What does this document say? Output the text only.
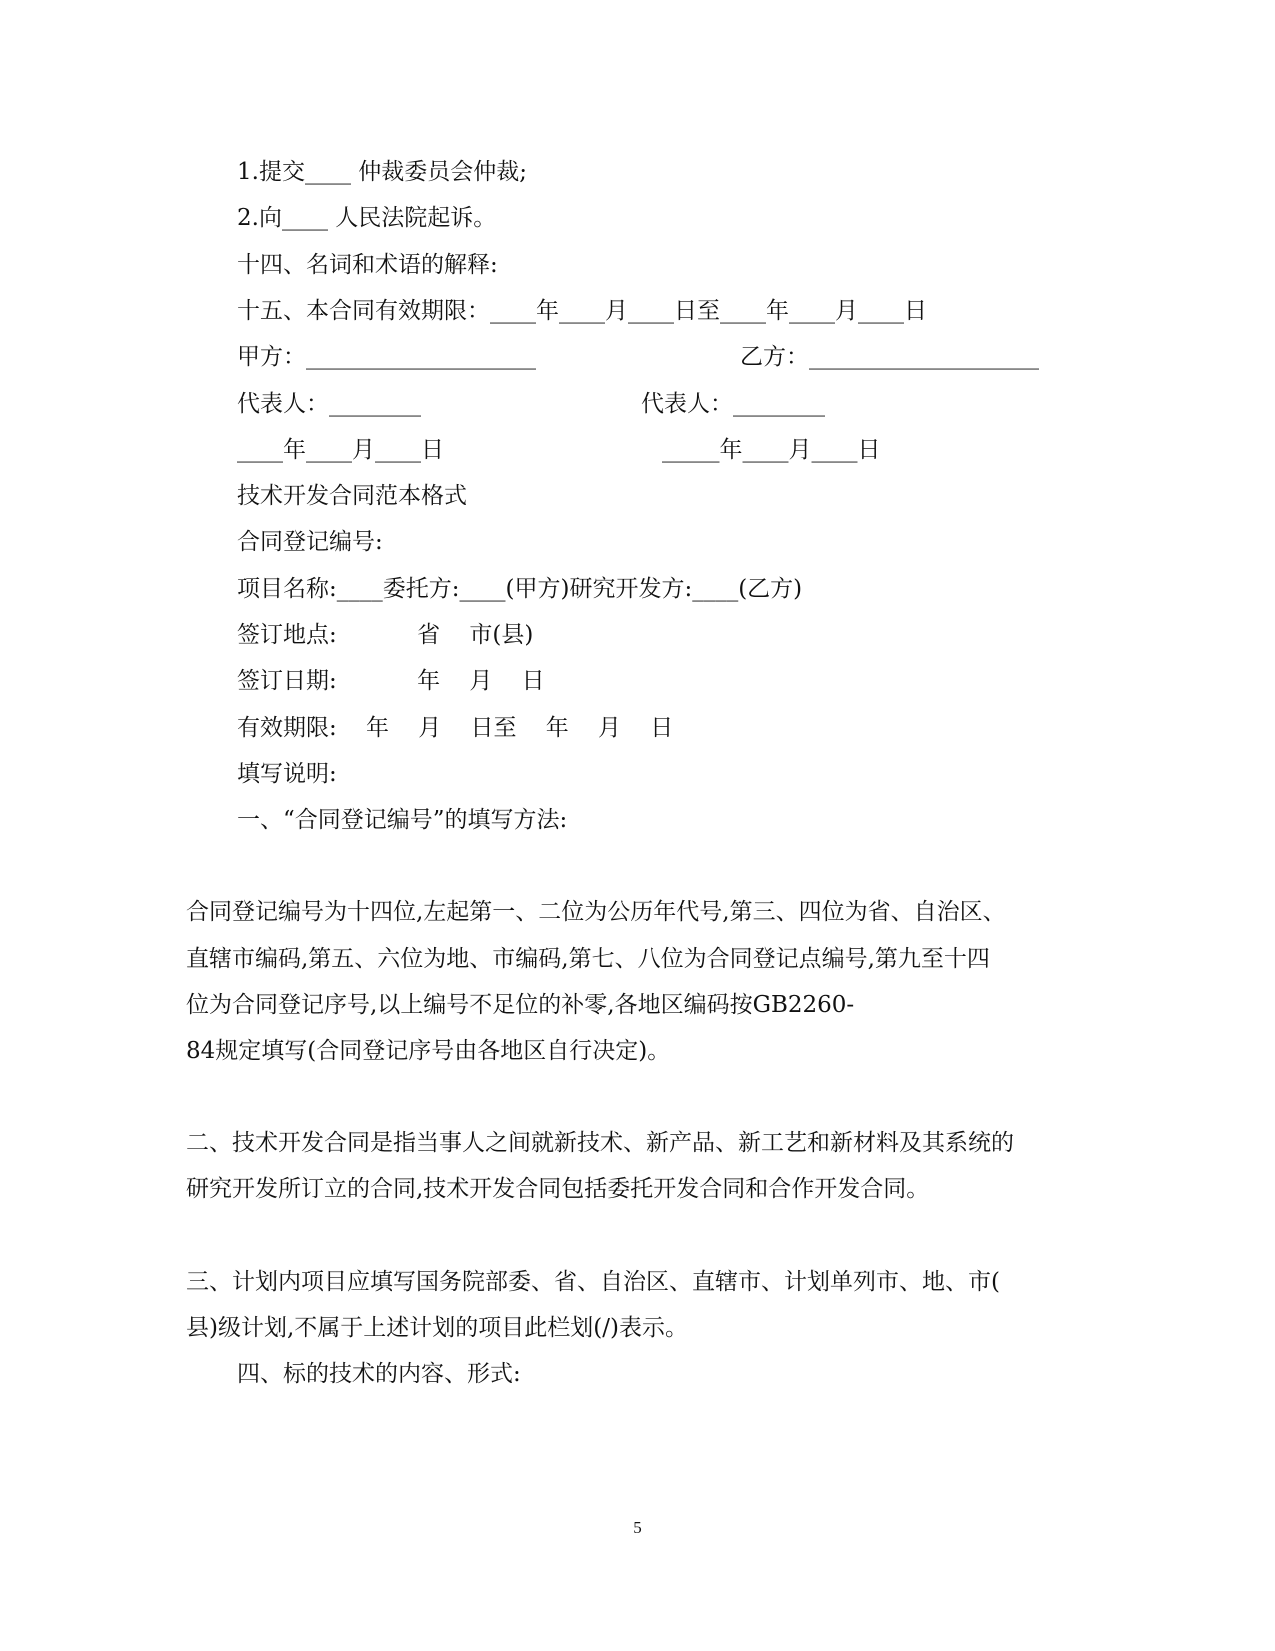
1.提交____ 仲裁委员会仲裁;

2.向____ 人民法院起诉。

十四、名词和术语的解释:

十五、本合同有效期限：____年____月____日至____年____月____日

甲方：____________________	乙方：____________________

代表人：________	代表人：________

____年____月____日	_____年____月____日

技术开发合同范本格式

合同登记编号:

项目名称:____委托方:____(甲方)研究开发方:____(乙方)

签订地点:           省    市(县)

签订日期:           年    月    日

有效期限:    年    月    日至    年    月    日

填写说明:

一、“合同登记编号”的填写方法:

合同登记编号为十四位,左起第一、二位为公历年代号,第三、四位为省、自治区、

直辖市编码,第五、六位为地、市编码,第七、八位为合同登记点编号,第九至十四

位为合同登记序号,以上编号不足位的补零,各地区编码按GB2260-

84规定填写(合同登记序号由各地区自行决定)。

二、技术开发合同是指当事人之间就新技术、新产品、新工艺和新材料及其系统的

研究开发所订立的合同,技术开发合同包括委托开发合同和合作开发合同。

三、计划内项目应填写国务院部委、省、自治区、直辖市、计划单列市、地、市(

县)级计划,不属于上述计划的项目此栏划(/)表示。

四、标的技术的内容、形式:

5
